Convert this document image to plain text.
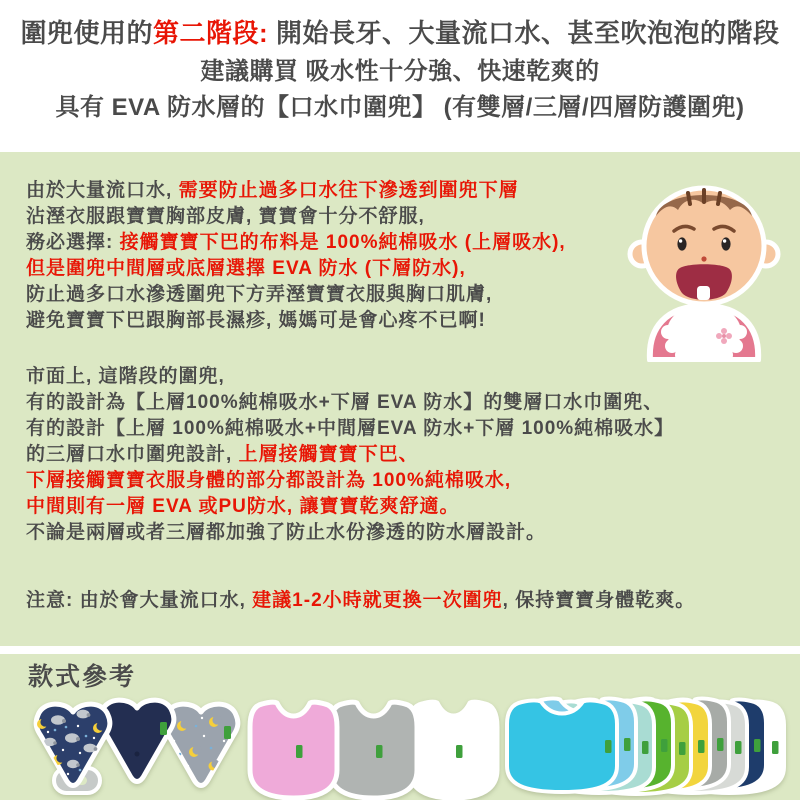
圍兜使用的第二階段: 開始長牙、大量流口水、甚至吹泡泡的階段
建議購買 吸水性十分強、快速乾爽的
具有 EVA 防水層的【口水巾圍兜】 (有雙層/三層/四層防護圍兜)
由於大量流口水, 需要防止過多口水往下滲透到圍兜下層
沾溼衣服跟寶寶胸部皮膚, 寶寶會十分不舒服,
務必選擇: 接觸寶寶下巴的布料是 100%純棉吸水 (上層吸水),
但是圍兜中間層或底層選擇 EVA 防水 (下層防水),
防止過多口水滲透圍兜下方弄溼寶寶衣服與胸口肌膚,
避免寶寶下巴跟胸部長濕疹, 媽媽可是會心疼不已啊!
市面上, 這階段的圍兜,
有的設計為【上層100%純棉吸水+下層 EVA 防水】的雙層口水巾圍兜、
有的設計【上層 100%純棉吸水+中間層EVA 防水+下層 100%純棉吸水】
的三層口水巾圍兜設計, 上層接觸寶寶下巴、
下層接觸寶寶衣服身體的部分都設計為 100%純棉吸水,
中間則有一層 EVA 或PU防水, 讓寶寶乾爽舒適。
不論是兩層或者三層都加強了防止水份滲透的防水層設計。
注意: 由於會大量流口水, 建議1-2小時就更換一次圍兜, 保持寶寶身體乾爽。
款式參考
